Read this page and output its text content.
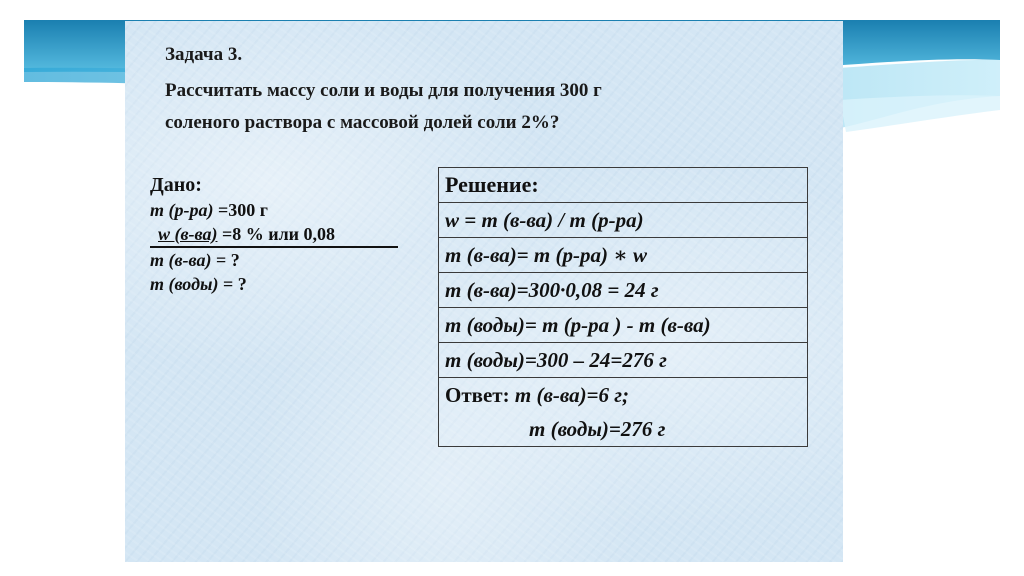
Задача 3.

Рассчитать массу соли и воды для получения 300 г
соленого раствора с массовой долей соли 2%?
Дано:
m (р-ра) =300 г
w (в-ва) =8 % или 0,08
m (в-ва) = ?
m (воды) = ?
Решение:
w = m (в-ва) / m (р-ра)
m (в-ва)= m (р-ра) ∗ w
m (в-ва)=300·0,08 = 24 г
m (воды)= m (р-ра ) - m (в-ва)
m (воды)=300 – 24=276 г

Ответ: m (в-ва)=6 г;
m (воды)=276 г
